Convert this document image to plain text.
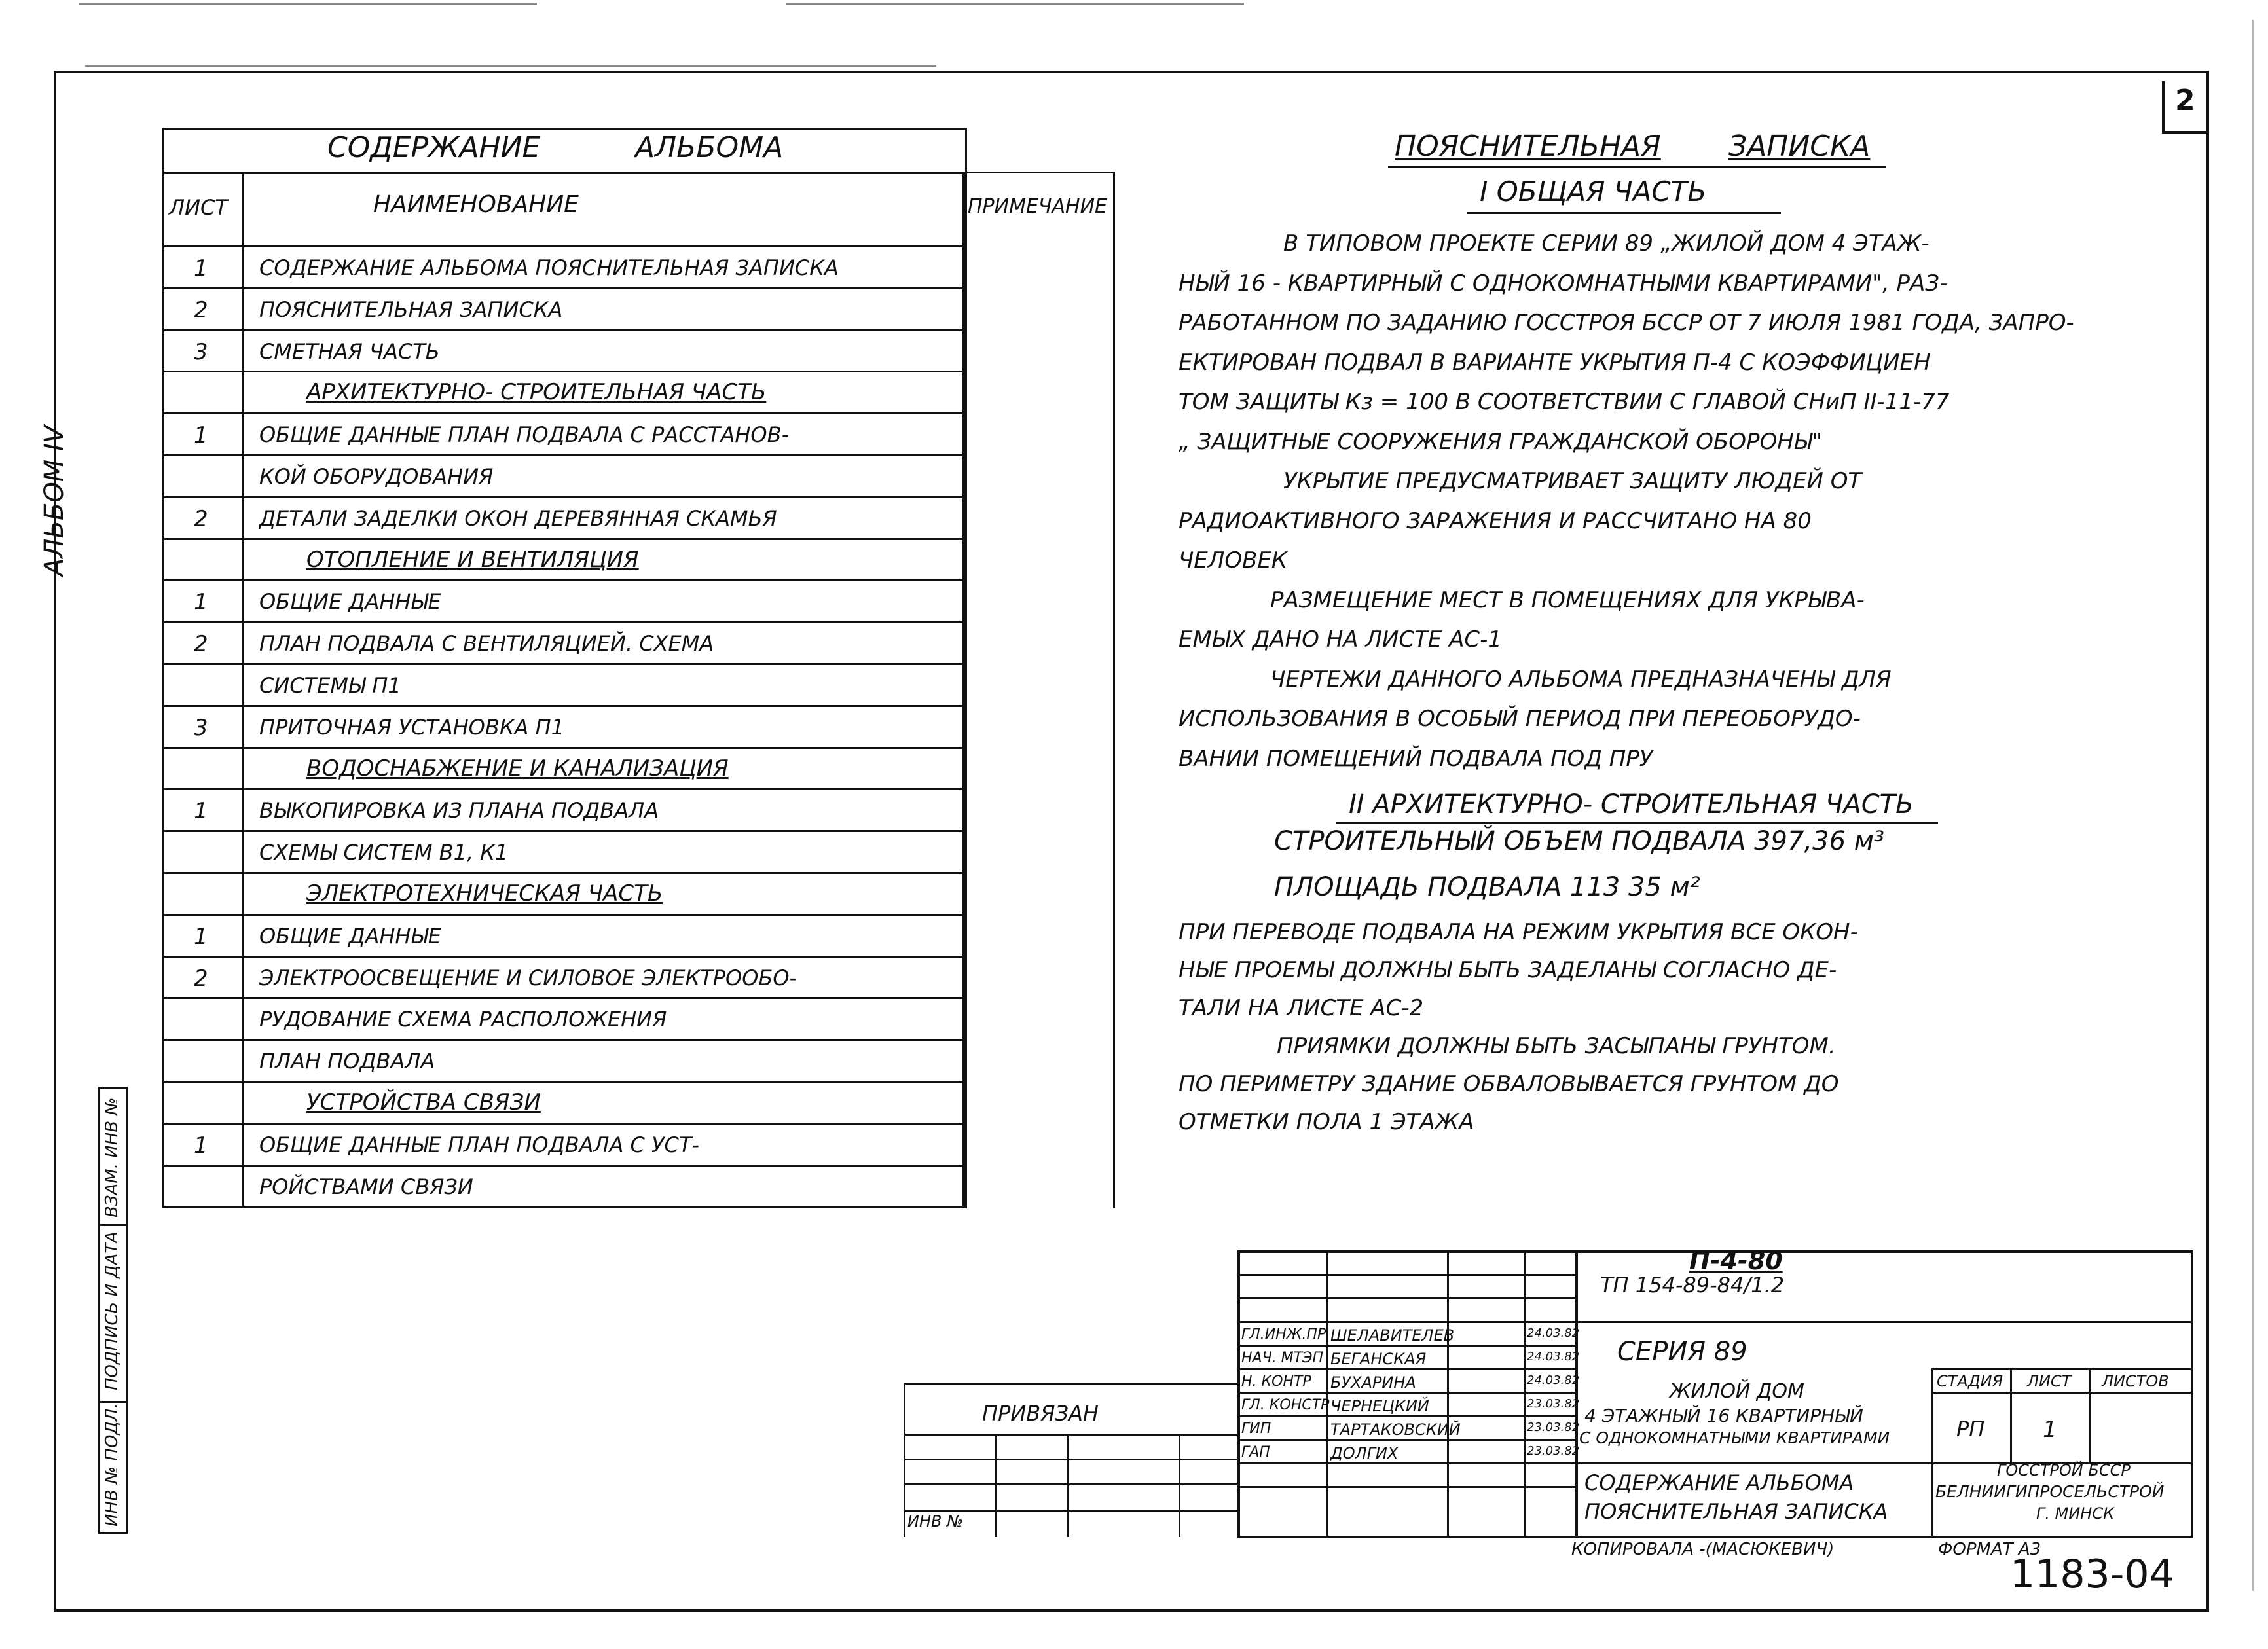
2
АЛЬБОМ IV
ИНВ № ПОДЛ.
ПОДПИСЬ И ДАТА
ВЗАМ. ИНВ №
СОДЕРЖАНИЕ	АЛЬБОМА
ЛИСТ	НАИМЕНОВАНИЕ	ПРИМЕЧАНИЕ
1 СОДЕРЖАНИЕ АЛЬБОМА ПОЯСНИТЕЛЬНАЯ ЗАПИСКА
2 ПОЯСНИТЕЛЬНАЯ ЗАПИСКА
3 СМЕТНАЯ ЧАСТЬ
АРХИТЕКТУРНО- СТРОИТЕЛЬНАЯ ЧАСТЬ
1 ОБЩИЕ ДАННЫЕ ПЛАН ПОДВАЛА С РАССТАНОВ-
КОЙ ОБОРУДОВАНИЯ
2 ДЕТАЛИ ЗАДЕЛКИ ОКОН ДЕРЕВЯННАЯ СКАМЬЯ
ОТОПЛЕНИЕ И ВЕНТИЛЯЦИЯ
1 ОБЩИЕ ДАННЫЕ
2 ПЛАН ПОДВАЛА С ВЕНТИЛЯЦИЕЙ. СХЕМА
СИСТЕМЫ П1
3 ПРИТОЧНАЯ УСТАНОВКА П1
ВОДОСНАБЖЕНИЕ И КАНАЛИЗАЦИЯ
1 ВЫКОПИРОВКА ИЗ ПЛАНА ПОДВАЛА
СХЕМЫ СИСТЕМ В1, К1
ЭЛЕКТРОТЕХНИЧЕСКАЯ ЧАСТЬ
1 ОБЩИЕ ДАННЫЕ
2 ЭЛЕКТРООСВЕЩЕНИЕ И СИЛОВОЕ ЭЛЕКТРООБО-
РУДОВАНИЕ СХЕМА РАСПОЛОЖЕНИЯ
ПЛАН ПОДВАЛА
УСТРОЙСТВА СВЯЗИ
1 ОБЩИЕ ДАННЫЕ ПЛАН ПОДВАЛА С УСТ-
РОЙСТВАМИ СВЯЗИ
ПОЯСНИТЕЛЬНАЯ ЗАПИСКА
I ОБЩАЯ ЧАСТЬ
В ТИПОВОМ ПРОЕКТЕ СЕРИИ 89 „ЖИЛОЙ ДОМ 4 ЭТАЖ-
НЫЙ 16 - КВАРТИРНЫЙ С ОДНОКОМНАТНЫМИ КВАРТИРАМИ", РАЗ-
РАБОТАННОМ ПО ЗАДАНИЮ ГОССТРОЯ БССР ОТ 7 ИЮЛЯ 1981 ГОДА, ЗАПРО-
ЕКТИРОВАН ПОДВАЛ В ВАРИАНТЕ УКРЫТИЯ П-4 С КОЭФФИЦИЕН
ТОМ ЗАЩИТЫ Кз = 100 В СООТВЕТСТВИИ С ГЛАВОЙ СНиП II-11-77
„ ЗАЩИТНЫЕ СООРУЖЕНИЯ ГРАЖДАНСКОЙ ОБОРОНЫ"
УКРЫТИЕ ПРЕДУСМАТРИВАЕТ ЗАЩИТУ ЛЮДЕЙ ОТ
РАДИОАКТИВНОГО ЗАРАЖЕНИЯ И РАССЧИТАНО НА 80
ЧЕЛОВЕК
РАЗМЕЩЕНИЕ МЕСТ В ПОМЕЩЕНИЯХ ДЛЯ УКРЫВА-
ЕМЫХ ДАНО НА ЛИСТЕ АС-1
ЧЕРТЕЖИ ДАННОГО АЛЬБОМА ПРЕДНАЗНАЧЕНЫ ДЛЯ
ИСПОЛЬЗОВАНИЯ В ОСОБЫЙ ПЕРИОД ПРИ ПЕРЕОБОРУДО-
ВАНИИ ПОМЕЩЕНИЙ ПОДВАЛА ПОД ПРУ
II АРХИТЕКТУРНО- СТРОИТЕЛЬНАЯ ЧАСТЬ
СТРОИТЕЛЬНЫЙ ОБЪЕМ ПОДВАЛА 397,36 м³
ПЛОЩАДЬ ПОДВАЛА 113 35 м²
ПРИ ПЕРЕВОДЕ ПОДВАЛА НА РЕЖИМ УКРЫТИЯ ВСЕ ОКОН-
НЫЕ ПРОЕМЫ ДОЛЖНЫ БЫТЬ ЗАДЕЛАНЫ СОГЛАСНО ДЕ-
ТАЛИ НА ЛИСТЕ АС-2
ПРИЯМКИ ДОЛЖНЫ БЫТЬ ЗАСЫПАНЫ ГРУНТОМ.
ПО ПЕРИМЕТРУ ЗДАНИЕ ОБВАЛОВЫВАЕТСЯ ГРУНТОМ ДО
ОТМЕТКИ ПОЛА 1 ЭТАЖА
ПРИВЯЗАН
ИНВ №
П-4-80
ТП 154-89-84/1.2
СЕРИЯ 89
ЖИЛОЙ ДОМ
4 ЭТАЖНЫЙ 16 КВАРТИРНЫЙ
С ОДНОКОМНАТНЫМИ КВАРТИРАМИ
СОДЕРЖАНИЕ АЛЬБОМА
ПОЯСНИТЕЛЬНАЯ ЗАПИСКА
СТАДИЯ ЛИСТ ЛИСТОВ
РП	1
ГОССТРОЙ БССР
БЕЛНИИГИПРОСЕЛЬСТРОЙ
Г. МИНСК
ГЛ.ИНЖ.ПР ШЕЛАВИТЕЛЕВ	24.03.82
НАЧ. МТЭП БЕГАНСКАЯ	24.03.82
Н. КОНТР БУХАРИНА	24.03.82
ГЛ. КОНСТР ЧЕРНЕЦКИЙ	23.03.82
ГИП	ТАРТАКОВСКИЙ	23.03.82
ГАП	ДОЛГИХ	23.03.82
КОПИРОВАЛА -(МАСЮКЕВИЧ)	ФОРМАТ А3
1183-04
